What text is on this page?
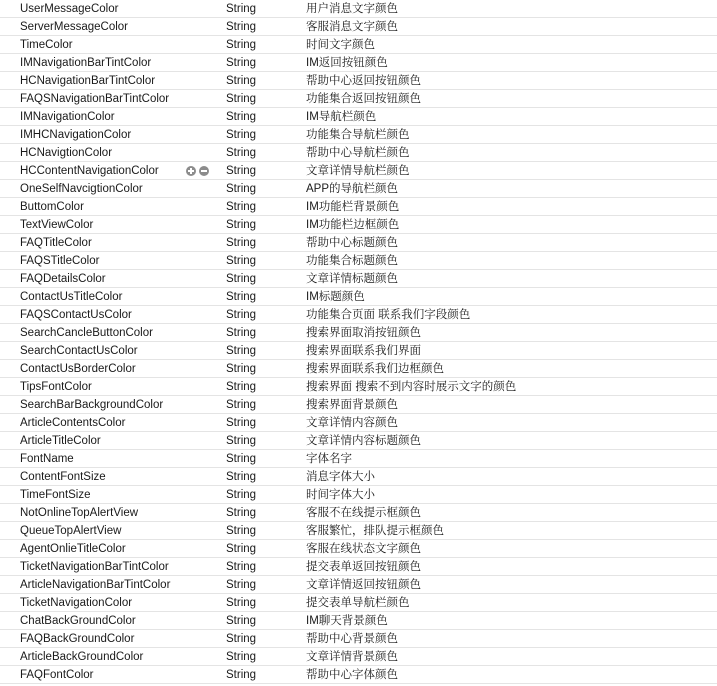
UserMessageColor	String	用户消息文字颜色
ServerMessageColor	String	客服消息文字颜色
TimeColor	String	时间文字颜色
IMNavigationBarTintColor	String	IM返回按钮颜色
HCNavigationBarTintColor	String	帮助中心返回按钮颜色
FAQSNavigationBarTintColor	String	功能集合返回按钮颜色
IMNavigationColor	String	IM导航栏颜色
IMHCNavigationColor	String	功能集合导航栏颜色
HCNavigtionColor	String	帮助中心导航栏颜色
HCContentNavigationColor	String	文章详情导航栏颜色
OneSelfNavcigtionColor	String	APP的导航栏颜色
ButtomColor	String	IM功能栏背景颜色
TextViewColor	String	IM功能栏边框颜色
FAQTitleColor	String	帮助中心标题颜色
FAQSTitleColor	String	功能集合标题颜色
FAQDetailsColor	String	文章详情标题颜色
ContactUsTitleColor	String	IM标题颜色
FAQSContactUsColor	String	功能集合页面 联系我们字段颜色
SearchCancleButtonColor	String	搜索界面取消按钮颜色
SearchContactUsColor	String	搜索界面联系我们界面
ContactUsBorderColor	String	搜索界面联系我们边框颜色
TipsFontColor	String	搜索界面 搜索不到内容时展示文字的颜色
SearchBarBackgroundColor	String	搜索界面背景颜色
ArticleContentsColor	String	文章详情内容颜色
ArticleTitleColor	String	文章详情内容标题颜色
FontName	String	字体名字
ContentFontSize	String	消息字体大小
TimeFontSize	String	时间字体大小
NotOnlineTopAlertView	String	客服不在线提示框颜色
QueueTopAlertView	String	客服繁忙，排队提示框颜色
AgentOnlieTitleColor	String	客服在线状态文字颜色
TicketNavigationBarTintColor	String	提交表单返回按钮颜色
ArticleNavigationBarTintColor	String	文章详情返回按钮颜色
TicketNavigationColor	String	提交表单导航栏颜色
ChatBackGroundColor	String	IM聊天背景颜色
FAQBackGroundColor	String	帮助中心背景颜色
ArticleBackGroundColor	String	文章详情背景颜色
FAQFontColor	String	帮助中心字体颜色
